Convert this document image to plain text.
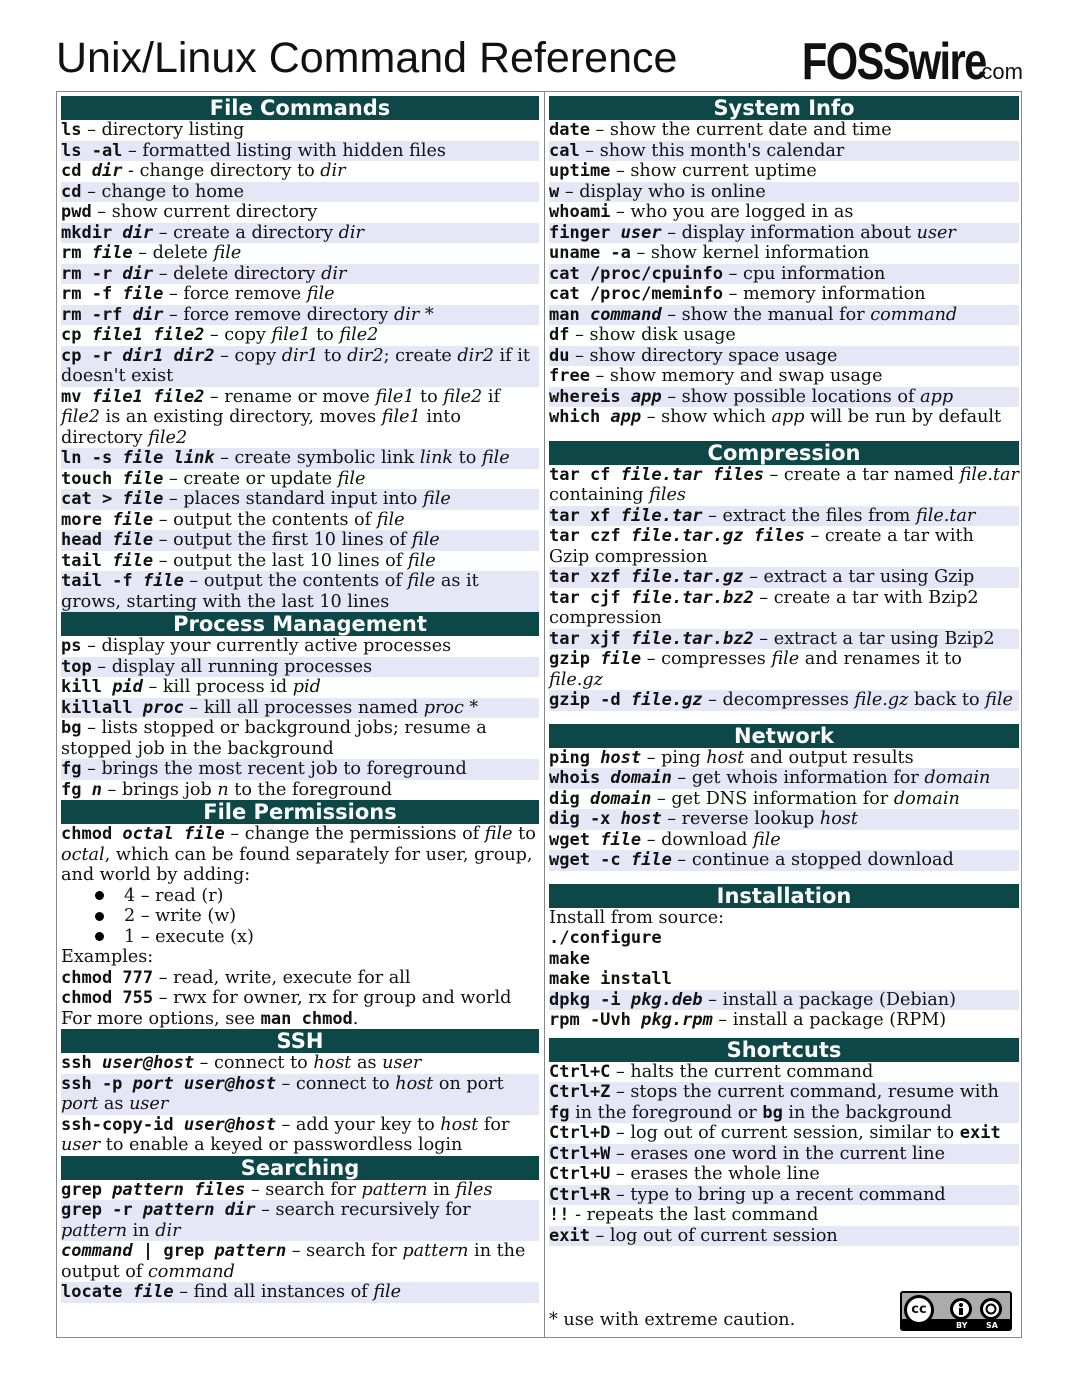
Unix/Linux Command Reference FOSSwire
.com
File Commands
ls – directory listing
ls -al – formatted listing with hidden files
cd dir - change directory to dir
cd – change to home
pwd – show current directory
mkdir dir – create a directory dir
rm file – delete file
rm -r dir – delete directory dir
rm -f file – force remove file
rm -rf dir – force remove directory dir *
cp file1 file2 – copy file1 to file2
cp -r dir1 dir2 – copy dir1 to dir2; create dir2 if it doesn't exist
mv file1 file2 – rename or move file1 to file2 if file2 is an existing directory, moves file1 into directory file2
ln -s file link – create symbolic link link to file
touch file – create or update file
cat > file – places standard input into file
more file – output the contents of file
head file – output the first 10 lines of file
tail file – output the last 10 lines of file
tail -f file – output the contents of file as it grows, starting with the last 10 lines
Process Management
ps – display your currently active processes
top – display all running processes
kill pid – kill process id pid
killall proc – kill all processes named proc *
bg – lists stopped or background jobs; resume a stopped job in the background
fg – brings the most recent job to foreground
fg n – brings job n to the foreground
File Permissions
chmod octal file – change the permissions of file to octal, which can be found separately for user, group, and world by adding:
4 – read (r)
2 – write (w)
1 – execute (x)
Examples:
chmod 777 – read, write, execute for all
chmod 755 – rwx for owner, rx for group and world
For more options, see man chmod.
SSH
ssh user@host – connect to host as user
ssh -p port user@host – connect to host on port port as user
ssh-copy-id user@host – add your key to host for user to enable a keyed or passwordless login
Searching
grep pattern files – search for pattern in files
grep -r pattern dir – search recursively for pattern in dir
command | grep pattern – search for pattern in the output of command
locate file – find all instances of file
System Info
date – show the current date and time
cal – show this month's calendar
uptime – show current uptime
w – display who is online
whoami – who you are logged in as
finger user – display information about user
uname -a – show kernel information
cat /proc/cpuinfo – cpu information
cat /proc/meminfo – memory information
man command – show the manual for command
df – show disk usage
du – show directory space usage
free – show memory and swap usage
whereis app – show possible locations of app
which app – show which app will be run by default
Compression
tar cf file.tar files – create a tar named file.tar containing files
tar xf file.tar – extract the files from file.tar
tar czf file.tar.gz files – create a tar with Gzip compression
tar xzf file.tar.gz – extract a tar using Gzip
tar cjf file.tar.bz2 – create a tar with Bzip2 compression
tar xjf file.tar.bz2 – extract a tar using Bzip2
gzip file – compresses file and renames it to file.gz
gzip -d file.gz – decompresses file.gz back to file
Network
ping host – ping host and output results
whois domain – get whois information for domain
dig domain – get DNS information for domain
dig -x host – reverse lookup host
wget file – download file
wget -c file – continue a stopped download
Installation
Install from source:
./configure
make
make install
dpkg -i pkg.deb – install a package (Debian)
rpm -Uvh pkg.rpm – install a package (RPM)
Shortcuts
Ctrl+C – halts the current command
Ctrl+Z – stops the current command, resume with fg in the foreground or bg in the background
Ctrl+D – log out of current session, similar to exit
Ctrl+W – erases one word in the current line
Ctrl+U – erases the whole line
Ctrl+R – type to bring up a recent command
!! - repeats the last command
exit – log out of current session
* use with extreme caution.
cc
BY SA
